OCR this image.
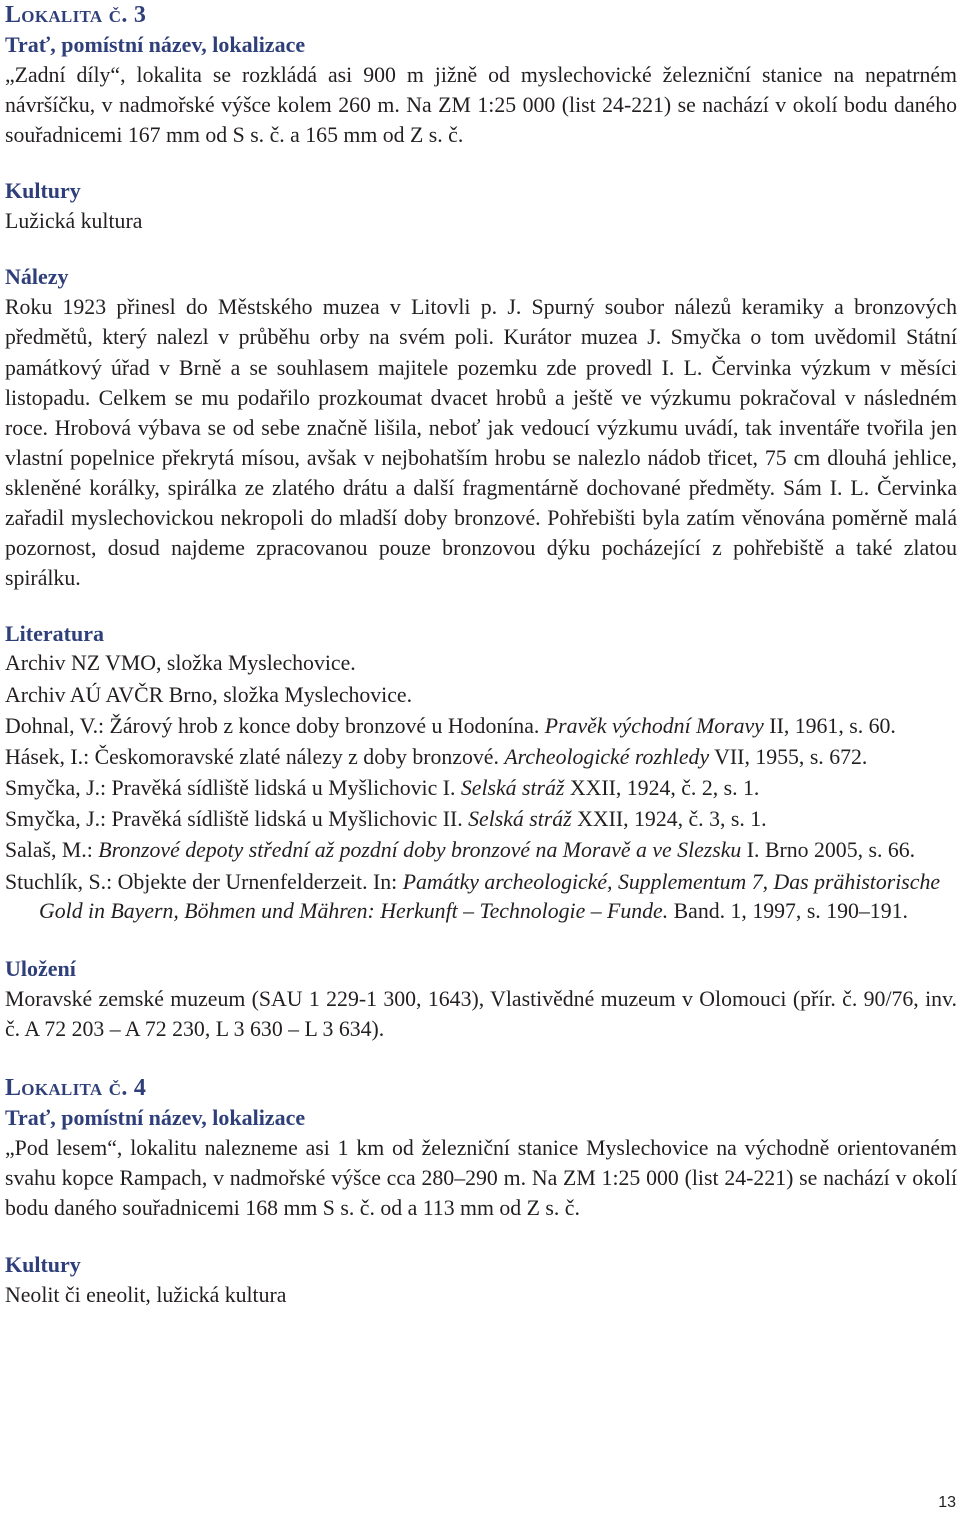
Lokalita č. 3
Trať, pomístní název, lokalizace

„Zadní díly“, lokalita se rozkládá asi 900 m jižně od myslechovické železniční stanice na nepatrném návršíčku, v nadmořské výšce kolem 260 m. Na ZM 1:25 000 (list 24-221) se nachází v okolí bodu daného souřadnicemi 167 mm od S s. č. a 165 mm od Z s. č.

Kultury

Lužická kultura

Nálezy

Roku 1923 přinesl do Městského muzea v Litovli p. J. Spurný soubor nálezů keramiky a bronzových předmětů, který nalezl v průběhu orby na svém poli. Kurátor muzea J. Smyčka o tom uvědomil Státní památkový úřad v Brně a se souhlasem majitele pozemku zde provedl I. L. Červinka výzkum v měsíci listopadu. Celkem se mu podařilo prozkoumat dvacet hrobů a ještě ve výzkumu pokračoval v následném roce. Hrobová výbava se od sebe značně lišila, neboť jak vedoucí výzkumu uvádí, tak inventáře tvořila jen vlastní popelnice překrytá mísou, avšak v nejbohatším hrobu se nalezlo nádob třicet, 75 cm dlouhá jehlice, skleněné korálky, spirálka ze zlatého drátu a další fragmentárně dochované předměty. Sám I. L. Červinka zařadil myslechovickou nekropoli do mladší doby bronzové. Pohřebišti byla zatím věnována poměrně malá pozornost, dosud najdeme zpracovanou pouze bronzovou dýku pocházející z pohřebiště a také zlatou spirálku.

Literatura

Archiv NZ VMO, složka Myslechovice.

Archiv AÚ AVČR Brno, složka Myslechovice.

Dohnal, V.: Žárový hrob z konce doby bronzové u Hodonína. Pravěk východní Moravy II, 1961, s. 60.

Hásek, I.: Českomoravské zlaté nálezy z doby bronzové. Archeologické rozhledy VII, 1955, s. 672.

Smyčka, J.: Pravěká sídliště lidská u Myšlichovic I. Selská stráž XXII, 1924, č. 2, s. 1.

Smyčka, J.: Pravěká sídliště lidská u Myšlichovic II. Selská stráž XXII, 1924, č. 3, s. 1.

Salaš, M.: Bronzové depoty střední až pozdní doby bronzové na Moravě a ve Slezsku I. Brno 2005, s. 66.

Stuchlík, S.: Objekte der Urnenfelderzeit. In: Památky archeologické, Supplementum 7, Das prähistorische Gold in Bayern, Böhmen und Mähren: Herkunft – Technologie – Funde. Band. 1, 1997, s. 190–191.

Uložení

Moravské zemské muzeum (SAU 1 229-1 300, 1643), Vlastivědné muzeum v Olomouci (přír. č. 90/76, inv. č. A 72 203 – A 72 230, L 3 630 – L 3 634).

Lokalita č. 4
Trať, pomístní název, lokalizace

„Pod lesem“, lokalitu nalezneme asi 1 km od železniční stanice Myslechovice na východně orientovaném svahu kopce Rampach, v nadmořské výšce cca 280–290 m. Na ZM 1:25 000 (list 24-221) se nachází v okolí bodu daného souřadnicemi 168 mm S s. č. od a 113 mm od Z s. č.

Kultury

Neolit či eneolit, lužická kultura

13
